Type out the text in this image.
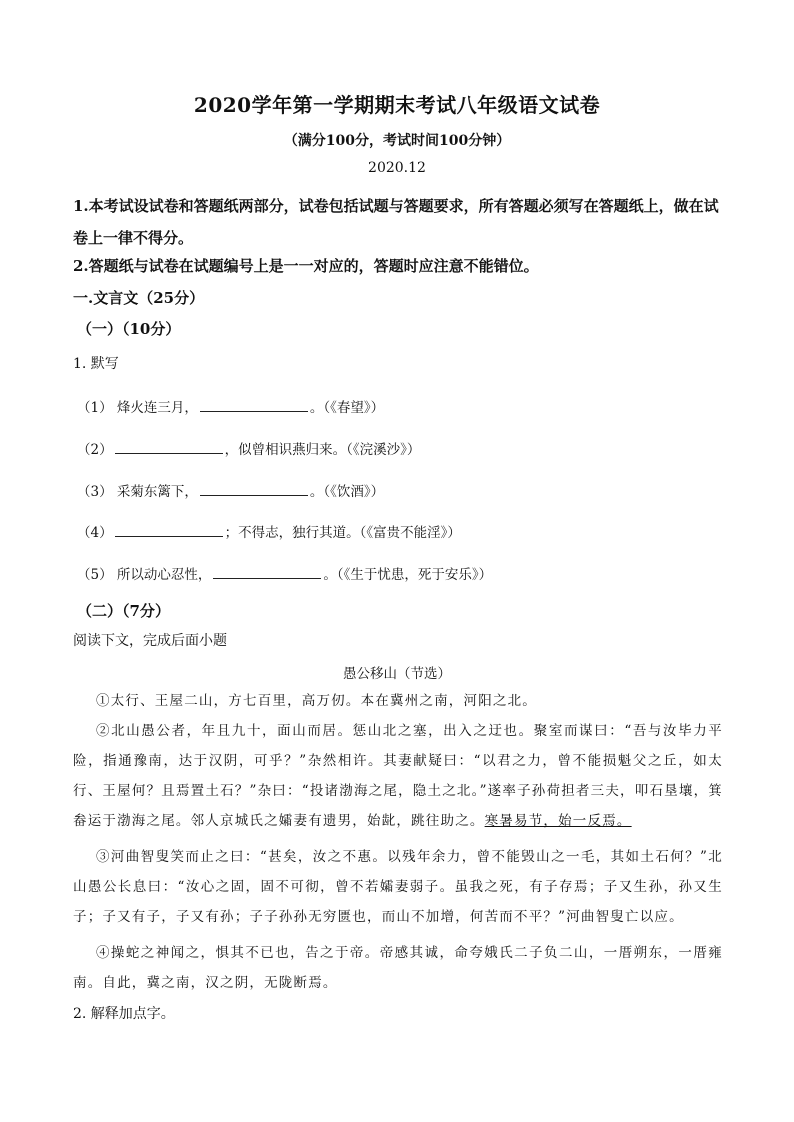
2020学年第一学期期末考试八年级语文试卷
（满分100分，考试时间100分钟）
2020.12
1.本考试设试卷和答题纸两部分，试卷包括试题与答题要求，所有答题必须写在答题纸上，做在试卷上一律不得分。
2.答题纸与试卷在试题编号上是一一对应的，答题时应注意不能错位。
一.文言文（25分）
（一）（10分）
1. 默写
（1） 烽火连三月，	。（《春望》）
（2）	，似曾相识燕归来。（《浣溪沙》）
（3） 采菊东篱下，	。（《饮酒》）
（4）	；不得志，独行其道。（《富贵不能淫》）
（5） 所以动心忍性，	。（《生于忧患，死于安乐》）
（二）（7分）
阅读下文，完成后面小题
愚公移山（节选）
①太行、王屋二山，方七百里，高万仞。本在冀州之南，河阳之北。
②北山愚公者，年且九十，面山而居。惩山北之塞，出入之迂也。聚室而谋曰：“吾与汝毕力平险，指通豫南，达于汉阴，可乎？”杂然相许。其妻献疑曰：“以君之力，曾不能损魁父之丘，如太行、王屋何？且焉置土石？”杂曰：“投诸渤海之尾，隐土之北。”遂率子孙荷担者三夫，叩石垦壤，箕畚运于渤海之尾。邻人京城氏之孀妻有遗男，始龀，跳往助之。寒暑易节，始一反焉。
③河曲智叟笑而止之曰：“甚矣，汝之不惠。以残年余力，曾不能毁山之一毛，其如土石何？”北山愚公长息曰：“汝心之固，固不可彻，曾不若孀妻弱子。虽我之死，有子存焉；子又生孙，孙又生子；子又有子，子又有孙；子子孙孙无穷匮也，而山不加增，何苦而不平？”河曲智叟亡以应。
④操蛇之神闻之，惧其不已也，告之于帝。帝感其诚，命夸娥氏二子负二山，一厝朔东，一厝雍南。自此，冀之南，汉之阴，无陇断焉。
2. 解释加点字。
